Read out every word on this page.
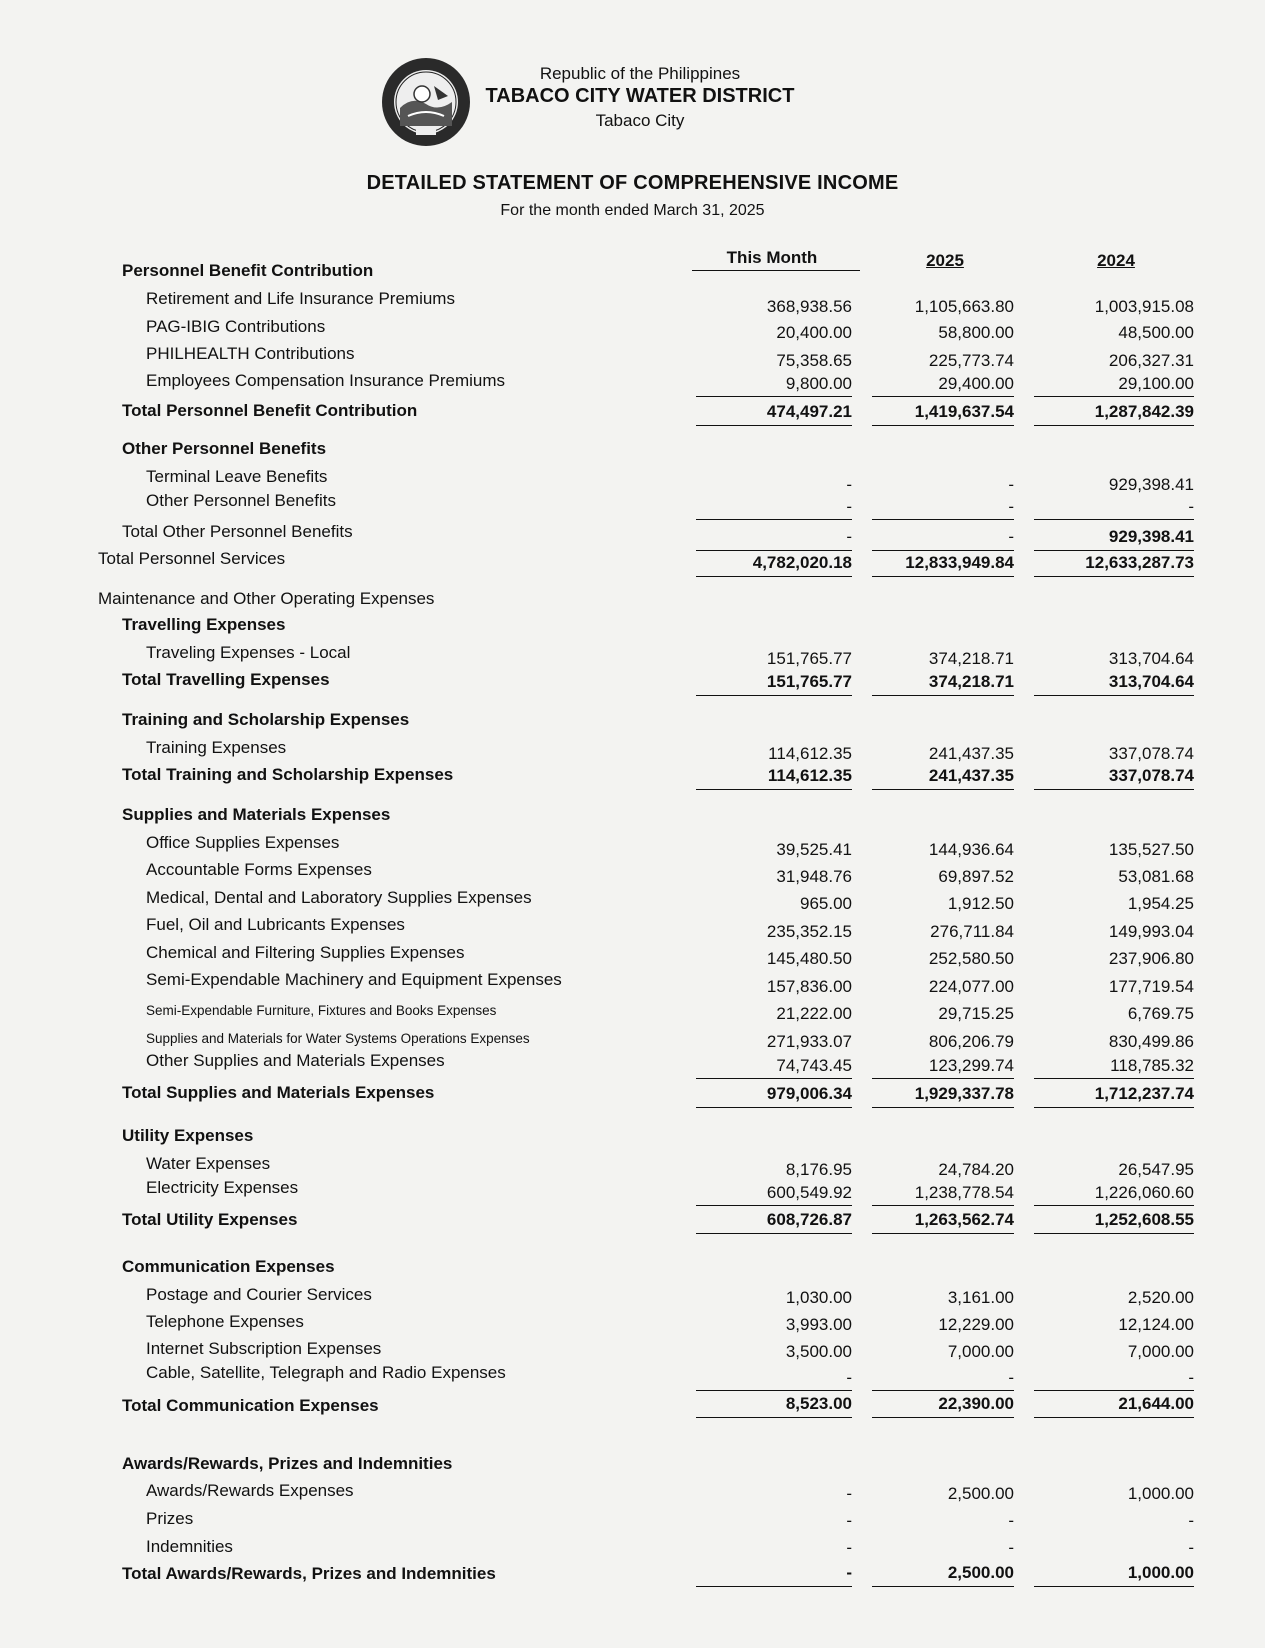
Republic of the Philippines
TABACO CITY WATER DISTRICT
Tabaco City
DETAILED STATEMENT OF COMPREHENSIVE INCOME
For the month ended March 31, 2025
This Month	2025	2024
Personnel Benefit Contribution
Retirement and Life Insurance Premiums	368,938.56	1,105,663.80	1,003,915.08
PAG-IBIG Contributions	20,400.00	58,800.00	48,500.00
PHILHEALTH Contributions	75,358.65	225,773.74	206,327.31
Employees Compensation Insurance Premiums	9,800.00	29,400.00	29,100.00
Total Personnel Benefit Contribution	474,497.21	1,419,637.54	1,287,842.39
Other Personnel Benefits
Terminal Leave Benefits	-	-	929,398.41
Other Personnel Benefits	-	-	-
Total Other Personnel Benefits	-	-	929,398.41
Total Personnel Services	4,782,020.18	12,833,949.84	12,633,287.73
Maintenance and Other Operating Expenses
Travelling Expenses
Traveling Expenses - Local	151,765.77	374,218.71	313,704.64
Total Travelling Expenses	151,765.77	374,218.71	313,704.64
Training and Scholarship Expenses
Training Expenses	114,612.35	241,437.35	337,078.74
Total Training and Scholarship Expenses	114,612.35	241,437.35	337,078.74
Supplies and Materials Expenses
Office Supplies Expenses	39,525.41	144,936.64	135,527.50
Accountable Forms Expenses	31,948.76	69,897.52	53,081.68
Medical, Dental and Laboratory Supplies Expenses	965.00	1,912.50	1,954.25
Fuel, Oil and Lubricants Expenses	235,352.15	276,711.84	149,993.04
Chemical and Filtering Supplies Expenses	145,480.50	252,580.50	237,906.80
Semi-Expendable Machinery and Equipment Expenses	157,836.00	224,077.00	177,719.54
Semi-Expendable Furniture, Fixtures and Books Expenses	21,222.00	29,715.25	6,769.75
Supplies and Materials for Water Systems Operations Expenses	271,933.07	806,206.79	830,499.86
Other Supplies and Materials Expenses	74,743.45	123,299.74	118,785.32
Total Supplies and Materials Expenses	979,006.34	1,929,337.78	1,712,237.74
Utility Expenses
Water Expenses	8,176.95	24,784.20	26,547.95
Electricity Expenses	600,549.92	1,238,778.54	1,226,060.60
Total Utility Expenses	608,726.87	1,263,562.74	1,252,608.55
Communication Expenses
Postage and Courier Services	1,030.00	3,161.00	2,520.00
Telephone Expenses	3,993.00	12,229.00	12,124.00
Internet Subscription Expenses	3,500.00	7,000.00	7,000.00
Cable, Satellite, Telegraph and Radio Expenses	-	-	-
Total Communication Expenses	8,523.00	22,390.00	21,644.00
Awards/Rewards, Prizes and Indemnities
Awards/Rewards Expenses	-	2,500.00	1,000.00
Prizes	-	-	-
Indemnities	-	-	-
Total Awards/Rewards, Prizes and Indemnities	-	2,500.00	1,000.00
